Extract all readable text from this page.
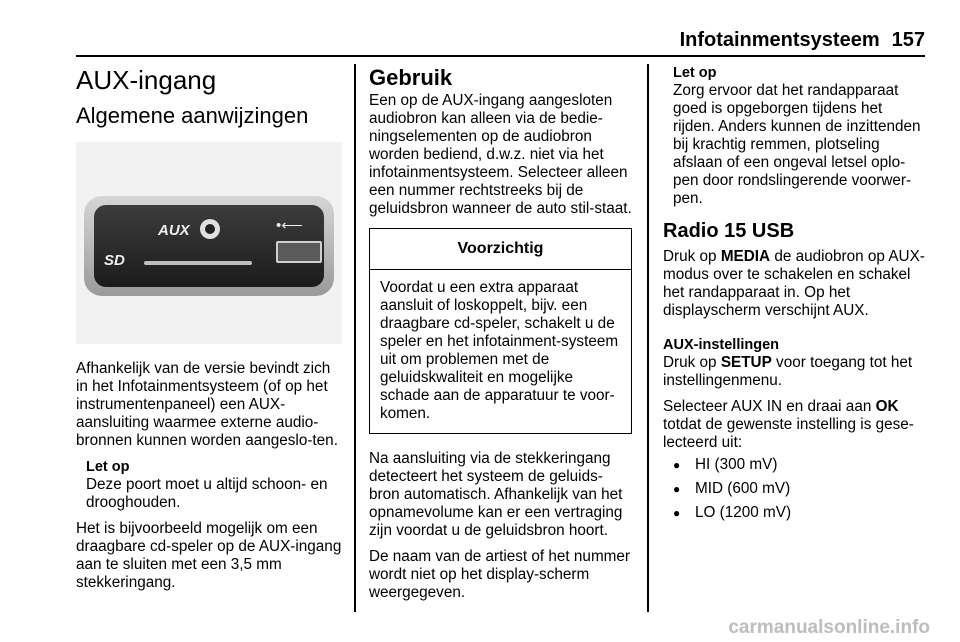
Infotainmentsysteem 157
AUX-ingang
Algemene aanwijzingen
AUX
SD
•⟵

Afhankelijk van de versie bevindt zich in het Infotainmentsysteem (of op het instrumentenpaneel) een AUX-aansluiting waarmee externe audio-bronnen kunnen worden aangeslo-ten.

Let op

Deze poort moet u altijd schoon- en drooghouden.

Het is bijvoorbeeld mogelijk om een draagbare cd-speler op de AUX-ingang aan te sluiten met een 3,5 mm stekkeringang.

Gebruik

Een op de AUX-ingang aangesloten audiobron kan alleen via de bedie-ningselementen op de audiobron worden bediend, d.w.z. niet via het infotainmentsysteem. Selecteer alleen een nummer rechtstreeks bij de geluidsbron wanneer de auto stil-staat.

Voorzichtig
Voordat u een extra apparaat aansluit of loskoppelt, bijv. een draagbare cd-speler, schakelt u de speler en het infotainment-systeem uit om problemen met de geluidskwaliteit en mogelijke schade aan de apparatuur te voor-komen.

Na aansluiting via de stekkeringang detecteert het systeem de geluids-bron automatisch. Afhankelijk van het opnamevolume kan er een vertraging zijn voordat u de geluidsbron hoort.

De naam van de artiest of het nummer wordt niet op het display-scherm weergegeven.

Let op

Zorg ervoor dat het randapparaat goed is opgeborgen tijdens het rijden. Anders kunnen de inzittenden bij krachtig remmen, plotseling afslaan of een ongeval letsel oplo-pen door rondslingerende voorwer-pen.

Radio 15 USB

Druk op MEDIA de audiobron op AUX-modus over te schakelen en schakel het randapparaat in. Op het displayscherm verschijnt AUX.

AUX-instellingen

Druk op SETUP voor toegang tot het instellingenmenu.

Selecteer AUX IN en draai aan OK totdat de gewenste instelling is gese-lecteerd uit:

● HI (300 mV)
● MID (600 mV)
● LO (1200 mV)
carmanualsonline.info
